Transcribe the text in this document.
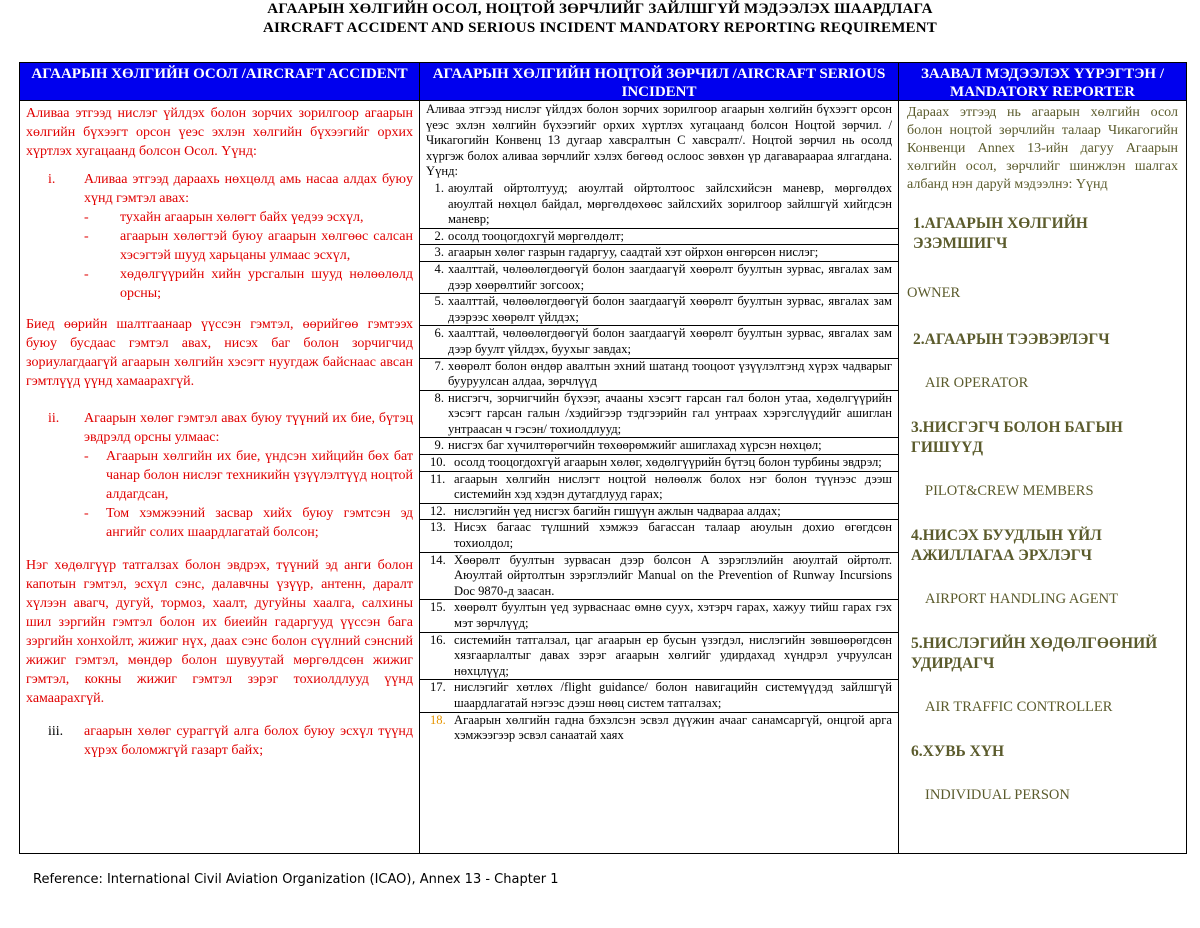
АГААРЫН ХӨЛГИЙН ОСОЛ, НОЦТОЙ ЗӨРЧЛИЙГ ЗАЙЛШГҮЙ МЭДЭЭЛЭХ ШААРДЛАГА
AIRCRAFT ACCIDENT AND SERIOUS INCIDENT MANDATORY REPORTING REQUIREMENT
АГААРЫН ХӨЛГИЙН ОСОЛ /AIRCRAFT ACCIDENT

Аливаа этгээд нислэг үйлдэх болон зорчих зорилгоор агаарын хөлгийн бүхээгт орсон үеэс эхлэн хөлгийн бүхээгийг орхих хүртлэх хугацаанд болсон Осол. Үүнд:

i.	Аливаа этгээд дараахь нөхцөлд амь насаа алдах буюу хүнд гэмтэл авах:
-	тухайн агаарын хөлөгт байх үедээ эсхүл,
-	агаарын хөлөгтэй буюу агаарын хөлгөөс салсан хэсэгтэй шууд харьцаны улмаас эсхүл,
-	хөдөлгүүрийн хийн урсгалын шууд нөлөөлөлд орсны;

Биед өөрийн шалтгаанаар үүссэн гэмтэл, өөрийгөө гэмтээх буюу бусдаас гэмтэл авах, нисэх баг болон зорчигчид зориулагдаагүй агаарын хөлгийн хэсэгт нуугдаж байснаас авсан гэмтлүүд үүнд хамаарахгүй.

ii.	Агаарын хөлөг гэмтэл авах буюу түүний их бие, бүтэц эвдрэлд орсны улмаас:
-	Агаарын хөлгийн их бие, үндсэн хийцийн бөх бат чанар болон нислэг техникийн үзүүлэлтүүд ноцтой алдагдсан,
-	Том хэмжээний засвар хийх буюу гэмтсэн эд ангийг солих шаардлагатай болсон;

Нэг хөдөлгүүр татгалзах болон эвдрэх, түүний эд анги болон капотын гэмтэл, эсхүл сэнс, далавчны үзүүр, антенн, даралт хүлээн авагч, дугуй, тормоз, хаалт, дугуйны хаалга, салхины шил зэргийн гэмтэл болон их биеийн гадаргууд үүссэн бага зэргийн хонхойлт, жижиг нүх, даах сэнс болон сүүлний сэнсний жижиг гэмтэл, мөндөр болон шувуутай мөргөлдсөн жижиг гэмтэл, кокны жижиг гэмтэл зэрэг тохиолдлууд үүнд хамаарахгүй.

iii.	агаарын хөлөг сураггүй алга болох буюу эсхүл түүнд хүрэх боломжгүй газарт байх;
АГААРЫН ХӨЛГИЙН НОЦТОЙ ЗӨРЧИЛ /AIRCRAFT SERIOUS INCIDENT
Аливаа этгээд нислэг үйлдэх болон зорчих зорилгоор агаарын хөлгийн бүхээгт орсон үеэс эхлэн хөлгийн бүхээгийг орхих хүртлэх хугацаанд болсон Ноцтой зөрчил. /Чикагогийн Конвенц 13 дугаар хавсралтын C хавсралт/. Ноцтой зөрчил нь осолд хүргэж болох аливаа зөрчлийг хэлэх бөгөөд ослоос зөвхөн үр дагавараараа ялгагдана. Үүнд:
1. аюултай ойртолтууд; аюултай ойртолтоос зайлсхийсэн маневр, мөргөлдөх аюултай нөхцөл байдал, мөргөлдөхөөс зайлсхийх зорилгоор зайлшгүй хийгдсэн маневр;
2. осолд тооцогдохгүй мөргөлдөлт;
3. агаарын хөлөг газрын гадаргуу, саадтай хэт ойрхон өнгөрсөн нислэг;
4. хаалттай, чөлөөлөгдөөгүй болон заагдаагүй хөөрөлт буултын зурвас, явгалах зам дээр хөөрөлтийг зогсоох;
5. хаалттай, чөлөөлөгдөөгүй болон заагдаагүй хөөрөлт буултын зурвас, явгалах зам дээрээс хөөрөлт үйлдэх;
6. хаалттай, чөлөөлөгдөөгүй болон заагдаагүй хөөрөлт буултын зурвас, явгалах зам дээр буулт үйлдэх, буухыг завдах;
7. хөөрөлт болон өндөр авалтын эхний шатанд тооцоот үзүүлэлтэнд хүрэх чадварыг бууруулсан алдаа, зөрчлүүд
8. нисгэгч, зорчигчийн бүхээг, ачааны хэсэгт гарсан гал болон утаа, хөдөлгүүрийн хэсэгт гарсан галын /хэдийгээр тэдгээрийн гал унтраах хэрэгслүүдийг ашиглан унтраасан ч гэсэн/ тохиолдлууд;
9. нисгэх баг хүчилтөрөгчийн төхөөрөмжийг ашиглахад хүрсэн нөхцөл;
10. осолд тооцогдохгүй агаарын хөлөг, хөдөлгүүрийн бүтэц болон турбины эвдрэл;
11. агаарын хөлгийн нислэгт ноцтой нөлөөлж болох нэг болон түүнээс дээш системийн хэд хэдэн дутагдлууд гарах;
12. нислэгийн үед нисгэх багийн гишүүн ажлын чадвараа алдах;
13. Нисэх багаас түлшний хэмжээ багассан талаар аюулын дохио өгөгдсөн тохиолдол;
14. Хөөрөлт буултын зурвасан дээр болсон A зэрэглэлийн аюултай ойртолт. Аюултай ойртолтын зэрэглэлийг Manual on the Prevention of Runway Incursions Doc 9870-д заасан.
15. хөөрөлт буултын үед зурваснаас өмнө суух, хэтэрч гарах, хажуу тийш гарах гэх мэт зөрчлүүд;
16. системийн татгалзал, цаг агаарын ер бусын үзэгдэл, нислэгийн зөвшөөрөгдсөн хязгаарлалтыг давах зэрэг агаарын хөлгийг удирдахад хүндрэл учруулсан нөхцлүүд;
17. нислэгийг хөтлөх /flight guidance/ болон навигацийн системүүдэд зайлшгүй шаардлагатай нэгээс дээш нөөц систем татгалзах;
18. Агаарын хөлгийн гадна бэхэлсэн эсвэл дүүжин ачааг санамсаргүй, онцгой арга хэмжээгээр эсвэл санаатай хаях
ЗААВАЛ МЭДЭЭЛЭХ ҮҮРЭГТЭН / MANDATORY REPORTER

Дараах этгээд нь агаарын хөлгийн осол болон ноцтой зөрчлийн талаар Чикагогийн Конвенци Annex 13-ийн дагуу Агаарын хөлгийн осол, зөрчлийг шинжлэн шалгах албанд нэн даруй мэдээлнэ: Үүнд

1.АГААРЫН ХӨЛГИЙН ЭЗЭМШИГЧ

OWNER

2.АГААРЫН ТЭЭВЭРЛЭГЧ

AIR OPERATOR

3.НИСГЭГЧ БОЛОН БАГЫН ГИШҮҮД

PILOT&CREW MEMBERS

4.НИСЭХ БУУДЛЫН ҮЙЛ АЖИЛЛАГАА ЭРХЛЭГЧ

AIRPORT HANDLING AGENT

5.НИСЛЭГИЙН ХӨДӨЛГӨӨНИЙ УДИРДАГЧ

AIR TRAFFIC CONTROLLER

6.ХУВЬ ХҮН

INDIVIDUAL PERSON

Reference: International Civil Aviation Organization (ICAO), Annex 13 - Chapter 1
